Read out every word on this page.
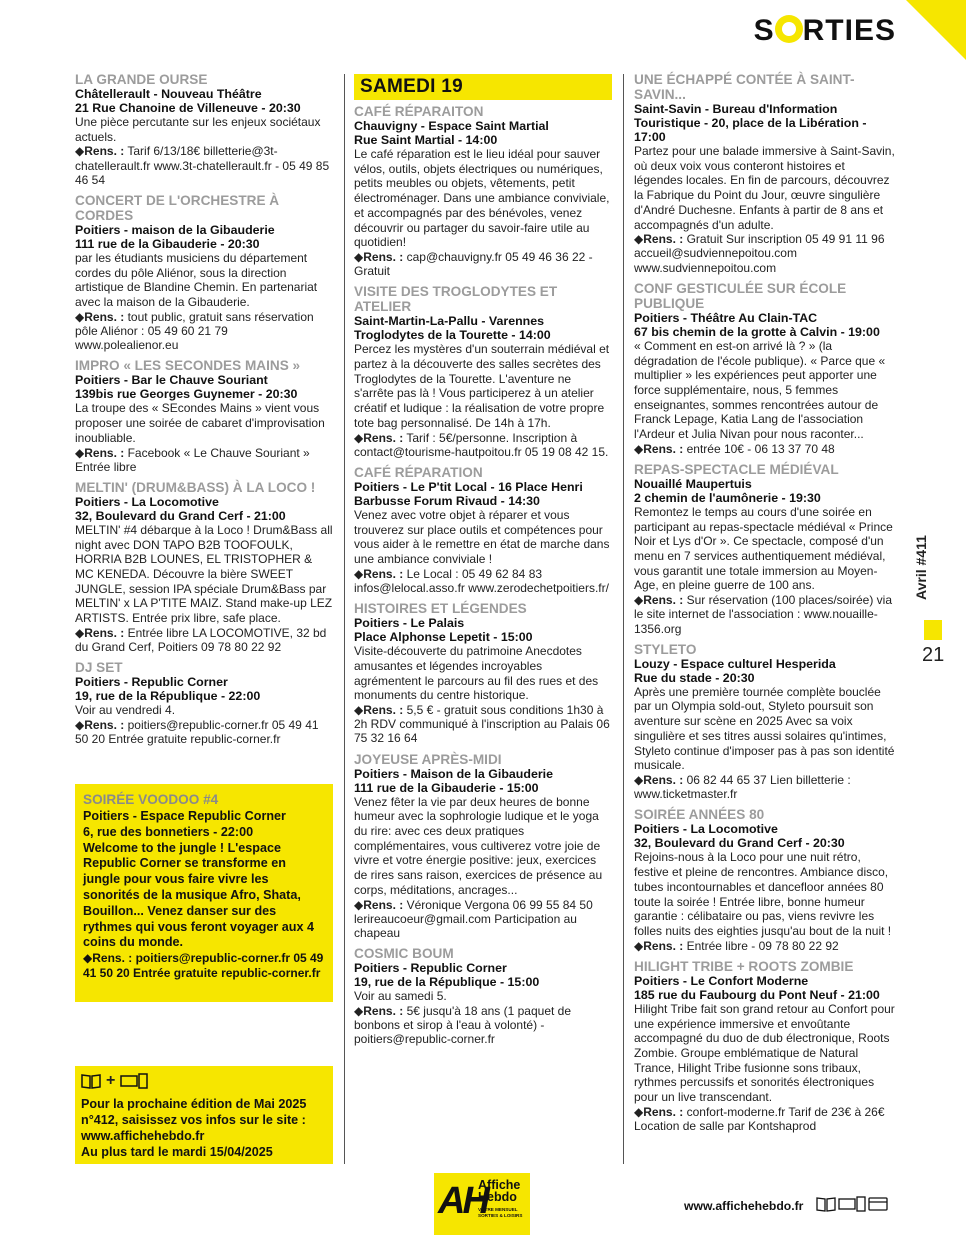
S RTIES
LA GRANDE OURSE
Châtellerault - Nouveau Théâtre
21 Rue Chanoine de Villeneuve - 20:30
Une pièce percutante sur les enjeux sociétaux actuels.
◆Rens. : Tarif 6/13/18€ billetterie@3t-chatellerault.fr www.3t-chatellerault.fr - 05 49 85 46 54
CONCERT DE L'ORCHESTRE À CORDES
Poitiers - maison de la Gibauderie
111 rue de la Gibauderie - 20:30
par les étudiants musiciens du département cordes du pôle Aliénor, sous la direction artistique de Blandine Chemin. En partenariat avec la maison de la Gibauderie.
◆Rens. : tout public, gratuit sans réservation pôle Aliénor : 05 49 60 21 79 www.polealienor.eu
IMPRO « LES SECONDES MAINS »
Poitiers - Bar le Chauve Souriant
139bis rue Georges Guynemer - 20:30
La troupe des « SEcondes Mains » vient vous proposer une soirée de cabaret d'improvisation inoubliable.
◆Rens. : Facebook « Le Chauve Souriant » Entrée libre
MELTIN' (DRUM&BASS) À LA LOCO !
Poitiers - La Locomotive
32, Boulevard du Grand Cerf - 21:00
MELTIN' #4 débarque à la Loco ! Drum&Bass all night avec DON TAPO B2B TOOFOULK, HORRIA B2B LOUNES, EL TRISTOPHER & MC KENEDA. Découvre la bière SWEET JUNGLE, session IPA spéciale Drum&Bass par MELTIN' x LA P'TITE MAIZ. Stand make-up LEZ ARTISTS. Entrée prix libre, safe place.
◆Rens. : Entrée libre LA LOCOMOTIVE, 32 bd du Grand Cerf, Poitiers 09 78 80 22 92
DJ SET
Poitiers - Republic Corner
19, rue de la République - 22:00
Voir au vendredi 4.
◆Rens. : poitiers@republic-corner.fr 05 49 41 50 20 Entrée gratuite republic-corner.fr
SOIRÉE VOODOO #4
Poitiers - Espace Republic Corner
6, rue des bonnetiers - 22:00
Welcome to the jungle ! L'espace Republic Corner se transforme en jungle pour vous faire vivre les sonorités de la musique Afro, Shata, Bouillon... Venez danser sur des rythmes qui vous feront voyager aux 4 coins du monde.
◆Rens. : poitiers@republic-corner.fr 05 49 41 50 20 Entrée gratuite republic-corner.fr
+
Pour la prochaine édition de Mai 2025 n°412, saisissez vos infos sur le site :
www.affichehebdo.fr
Au plus tard le mardi 15/04/2025
SAMEDI 19
CAFÉ RÉPARAITON
Chauvigny - Espace Saint Martial
Rue Saint Martial - 14:00
Le café réparation est le lieu idéal pour sauver vélos, outils, objets électriques ou numériques, petits meubles ou objets, vêtements, petit électroménager. Dans une ambiance conviviale, et accompagnés par des bénévoles, venez découvrir ou partager du savoir-faire utile au quotidien!
◆Rens. : cap@chauvigny.fr 05 49 46 36 22 - Gratuit
VISITE DES TROGLODYTES ET ATELIER
Saint-Martin-La-Pallu - Varennes
Troglodytes de la Tourette - 14:00
Percez les mystères d'un souterrain médiéval et partez à la découverte des salles secrètes des Troglodytes de la Tourette. L'aventure ne s'arrête pas là ! Vous participerez à un atelier créatif et ludique : la réalisation de votre propre tote bag personnalisé. De 14h à 17h.
◆Rens. : Tarif : 5€/personne. Inscription à contact@tourisme-hautpoitou.fr 05 19 08 42 15.
CAFÉ RÉPARATION
Poitiers - Le P'tit Local - 16 Place Henri
Barbusse Forum Rivaud - 14:30
Venez avec votre objet à réparer et vous trouverez sur place outils et compétences pour vous aider à le remettre en état de marche dans une ambiance conviviale !
◆Rens. : Le Local : 05 49 62 84 83 infos@lelocal.asso.fr www.zerodechetpoitiers.fr/
HISTOIRES ET LÉGENDES
Poitiers - Le Palais
Place Alphonse Lepetit - 15:00
Visite-découverte du patrimoine Anecdotes amusantes et légendes incroyables agrémentent le parcours au fil des rues et des monuments du centre historique.
◆Rens. : 5,5 € - gratuit sous conditions 1h30 à 2h RDV communiqué à l'inscription au Palais 06 75 32 16 64
JOYEUSE APRÈS-MIDI
Poitiers - Maison de la Gibauderie
111 rue de la Gibauderie - 15:00
Venez fêter la vie par deux heures de bonne humeur avec la sophrologie ludique et le yoga du rire: avec ces deux pratiques complémentaires, vous cultiverez votre joie de vivre et votre énergie positive: jeux, exercices de rires sans raison, exercices de présence au corps, méditations, ancrages...
◆Rens. : Véronique Vergona 06 99 55 84 50 lerireaucoeur@gmail.com Participation au chapeau
COSMIC BOUM
Poitiers - Republic Corner
19, rue de la République - 15:00
Voir au samedi 5.
◆Rens. : 5€ jusqu'à 18 ans (1 paquet de bonbons et sirop à l'eau à volonté) - poitiers@republic-corner.fr
UNE ÉCHAPPÉ CONTÉE À SAINT-SAVIN...
Saint-Savin - Bureau d'Information
Touristique - 20, place de la Libération - 17:00
Partez pour une balade immersive à Saint-Savin, où deux voix vous conteront histoires et légendes locales. En fin de parcours, découvrez la Fabrique du Point du Jour, œuvre singulière d'André Duchesne. Enfants à partir de 8 ans et accompagnés d'un adulte.
◆Rens. : Gratuit Sur inscription 05 49 91 11 96 accueil@sudviennepoitou.com www.sudviennepoitou.com
CONF GESTICULÉE SUR ÉCOLE PUBLIQUE
Poitiers - Théâtre Au Clain-TAC
67 bis chemin de la grotte à Calvin - 19:00
« Comment en est-on arrivé là ? » (la dégradation de l'école publique). « Parce que « multiplier » les expériences peut apporter une force supplémentaire, nous, 5 femmes enseignantes, sommes rencontrées autour de Franck Lepage, Katia Lang de l'association l'Ardeur et Julia Nivan pour nous raconter...
◆Rens. : entrée 10€ - 06 13 37 70 48
REPAS-SPECTACLE MÉDIÉVAL
Nouaillé Maupertuis
2 chemin de l'aumônerie - 19:30
Remontez le temps au cours d'une soirée en participant au repas-spectacle médiéval « Prince Noir et Lys d'Or ». Ce spectacle, composé d'un menu en 7 services authentiquement médiéval, vous garantit une totale immersion au Moyen-Age, en pleine guerre de 100 ans.
◆Rens. : Sur réservation (100 places/soirée) via le site internet de l'association : www.nouaille-1356.org
STYLETO
Louzy - Espace culturel Hesperida
Rue du stade - 20:30
Après une première tournée complète bouclée par un Olympia sold-out, Styleto poursuit son aventure sur scène en 2025 Avec sa voix singulière et ses titres aussi solaires qu'intimes, Styleto continue d'imposer pas à pas son identité musicale.
◆Rens. : 06 82 44 65 37 Lien billetterie : www.ticketmaster.fr
SOIRÉE ANNÉES 80
Poitiers - La Locomotive
32, Boulevard du Grand Cerf - 20:30
Rejoins-nous à la Loco pour une nuit rétro, festive et pleine de rencontres. Ambiance disco, tubes incontournables et dancefloor années 80 toute la soirée ! Entrée libre, bonne humeur garantie : célibataire ou pas, viens revivre les folles nuits des eighties jusqu'au bout de la nuit !
◆Rens. : Entrée libre - 09 78 80 22 92
HILIGHT TRIBE + ROOTS ZOMBIE
Poitiers - Le Confort Moderne
185 rue du Faubourg du Pont Neuf - 21:00
Hilight Tribe fait son grand retour au Confort pour une expérience immersive et envoûtante accompagné du duo de dub électronique, Roots Zombie. Groupe emblématique de Natural Trance, Hilight Tribe fusionne sons tribaux, rythmes percussifs et sonorités électroniques pour un live transcendant.
◆Rens. : confort-moderne.fr Tarif de 23€ à 26€ Location de salle par Kontshaprod
Avril #411
21
AH
Affiche
Hebdo
VOTRE MENSUEL SORTIES & LOISIRS
www.affichehebdo.fr
